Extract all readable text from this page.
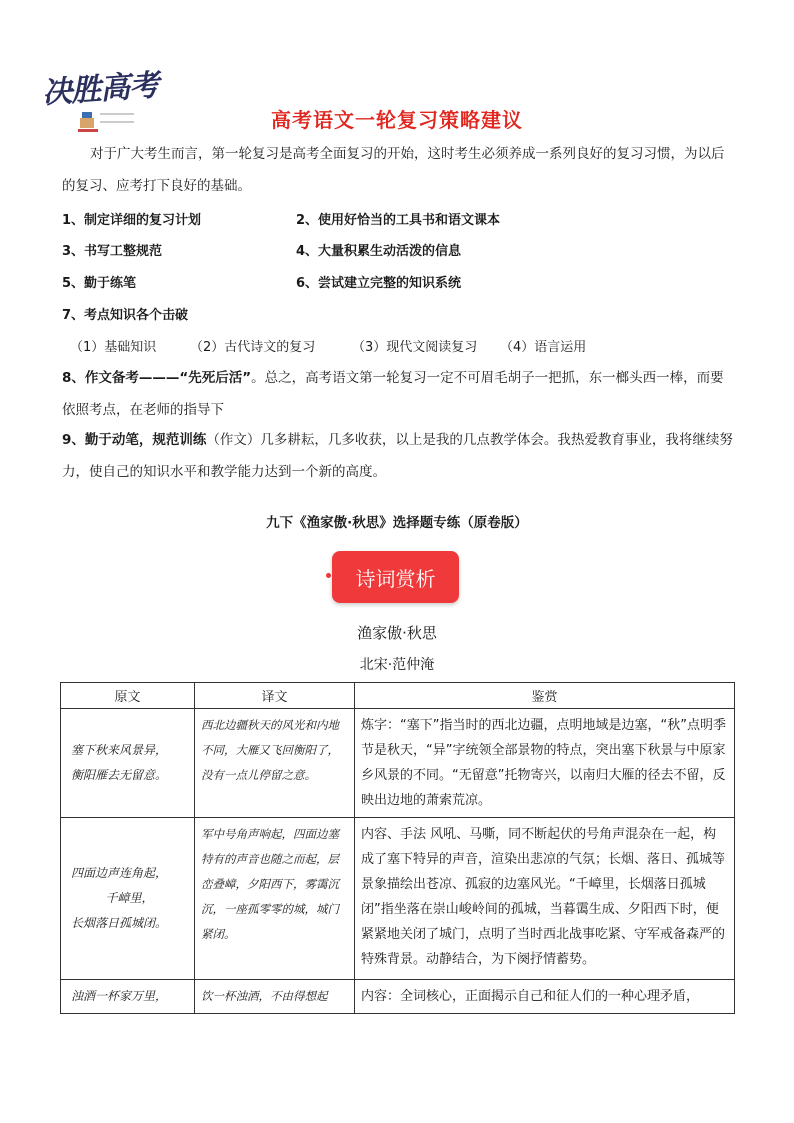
决胜高考
高考语文一轮复习策略建议
对于广大考生而言，第一轮复习是高考全面复习的开始，这时考生必须养成一系列良好的复习习惯，为以后的复习、应考打下良好的基础。
1、制定详细的复习计划	2、使用好恰当的工具书和语文课本
3、书写工整规范	4、大量积累生动活泼的信息
5、勤于练笔	6、尝试建立完整的知识系统
7、考点知识各个击破
（1）基础知识	（2）古代诗文的复习	（3）现代文阅读复习 （4）语言运用
8、作文备考———“先死后活”。总之，高考语文第一轮复习一定不可眉毛胡子一把抓，东一榔头西一棒，而要依照考点，在老师的指导下
9、勤于动笔，规范训练（作文）几多耕耘，几多收获，以上是我的几点教学体会。我热爱教育事业，我将继续努力，使自己的知识水平和教学能力达到一个新的高度。
九下《渔家傲·秋思》选择题专练（原卷版）
诗词赏析
渔家傲·秋思
北宋·范仲淹
原文	译文	鉴赏

塞下秋来风景异，
衡阳雁去无留意。	西北边疆秋天的风光和内地不同，大雁又飞回衡阳了，没有一点儿停留之意。	炼字：“塞下”指当时的西北边疆，点明地域是边塞，“秋”点明季节是秋天，“异”字统领全部景物的特点，突出塞下秋景与中原家乡风景的不同。“无留意”托物寄兴，以南归大雁的径去不留，反映出边地的萧索荒凉。

四面边声连角起，
千嶂里，
长烟落日孤城闭。	军中号角声响起，四面边塞特有的声音也随之而起，层峦叠嶂，夕阳西下，雾霭沉沉，一座孤零零的城，城门紧闭。	内容、手法 风吼、马嘶，同不断起伏的号角声混杂在一起，构成了塞下特异的声音，渲染出悲凉的气氛；长烟、落日、孤城等景象描绘出苍凉、孤寂的边塞风光。“千嶂里，长烟落日孤城闭”指坐落在崇山峻岭间的孤城，当暮霭生成、夕阳西下时，便紧紧地关闭了城门，点明了当时西北战事吃紧、守军戒备森严的特殊背景。动静结合，为下阕抒情蓄势。

浊酒一杯家万里，	饮一杯浊酒，不由得想起	内容：全词核心，正面揭示自己和征人们的一种心理矛盾，
